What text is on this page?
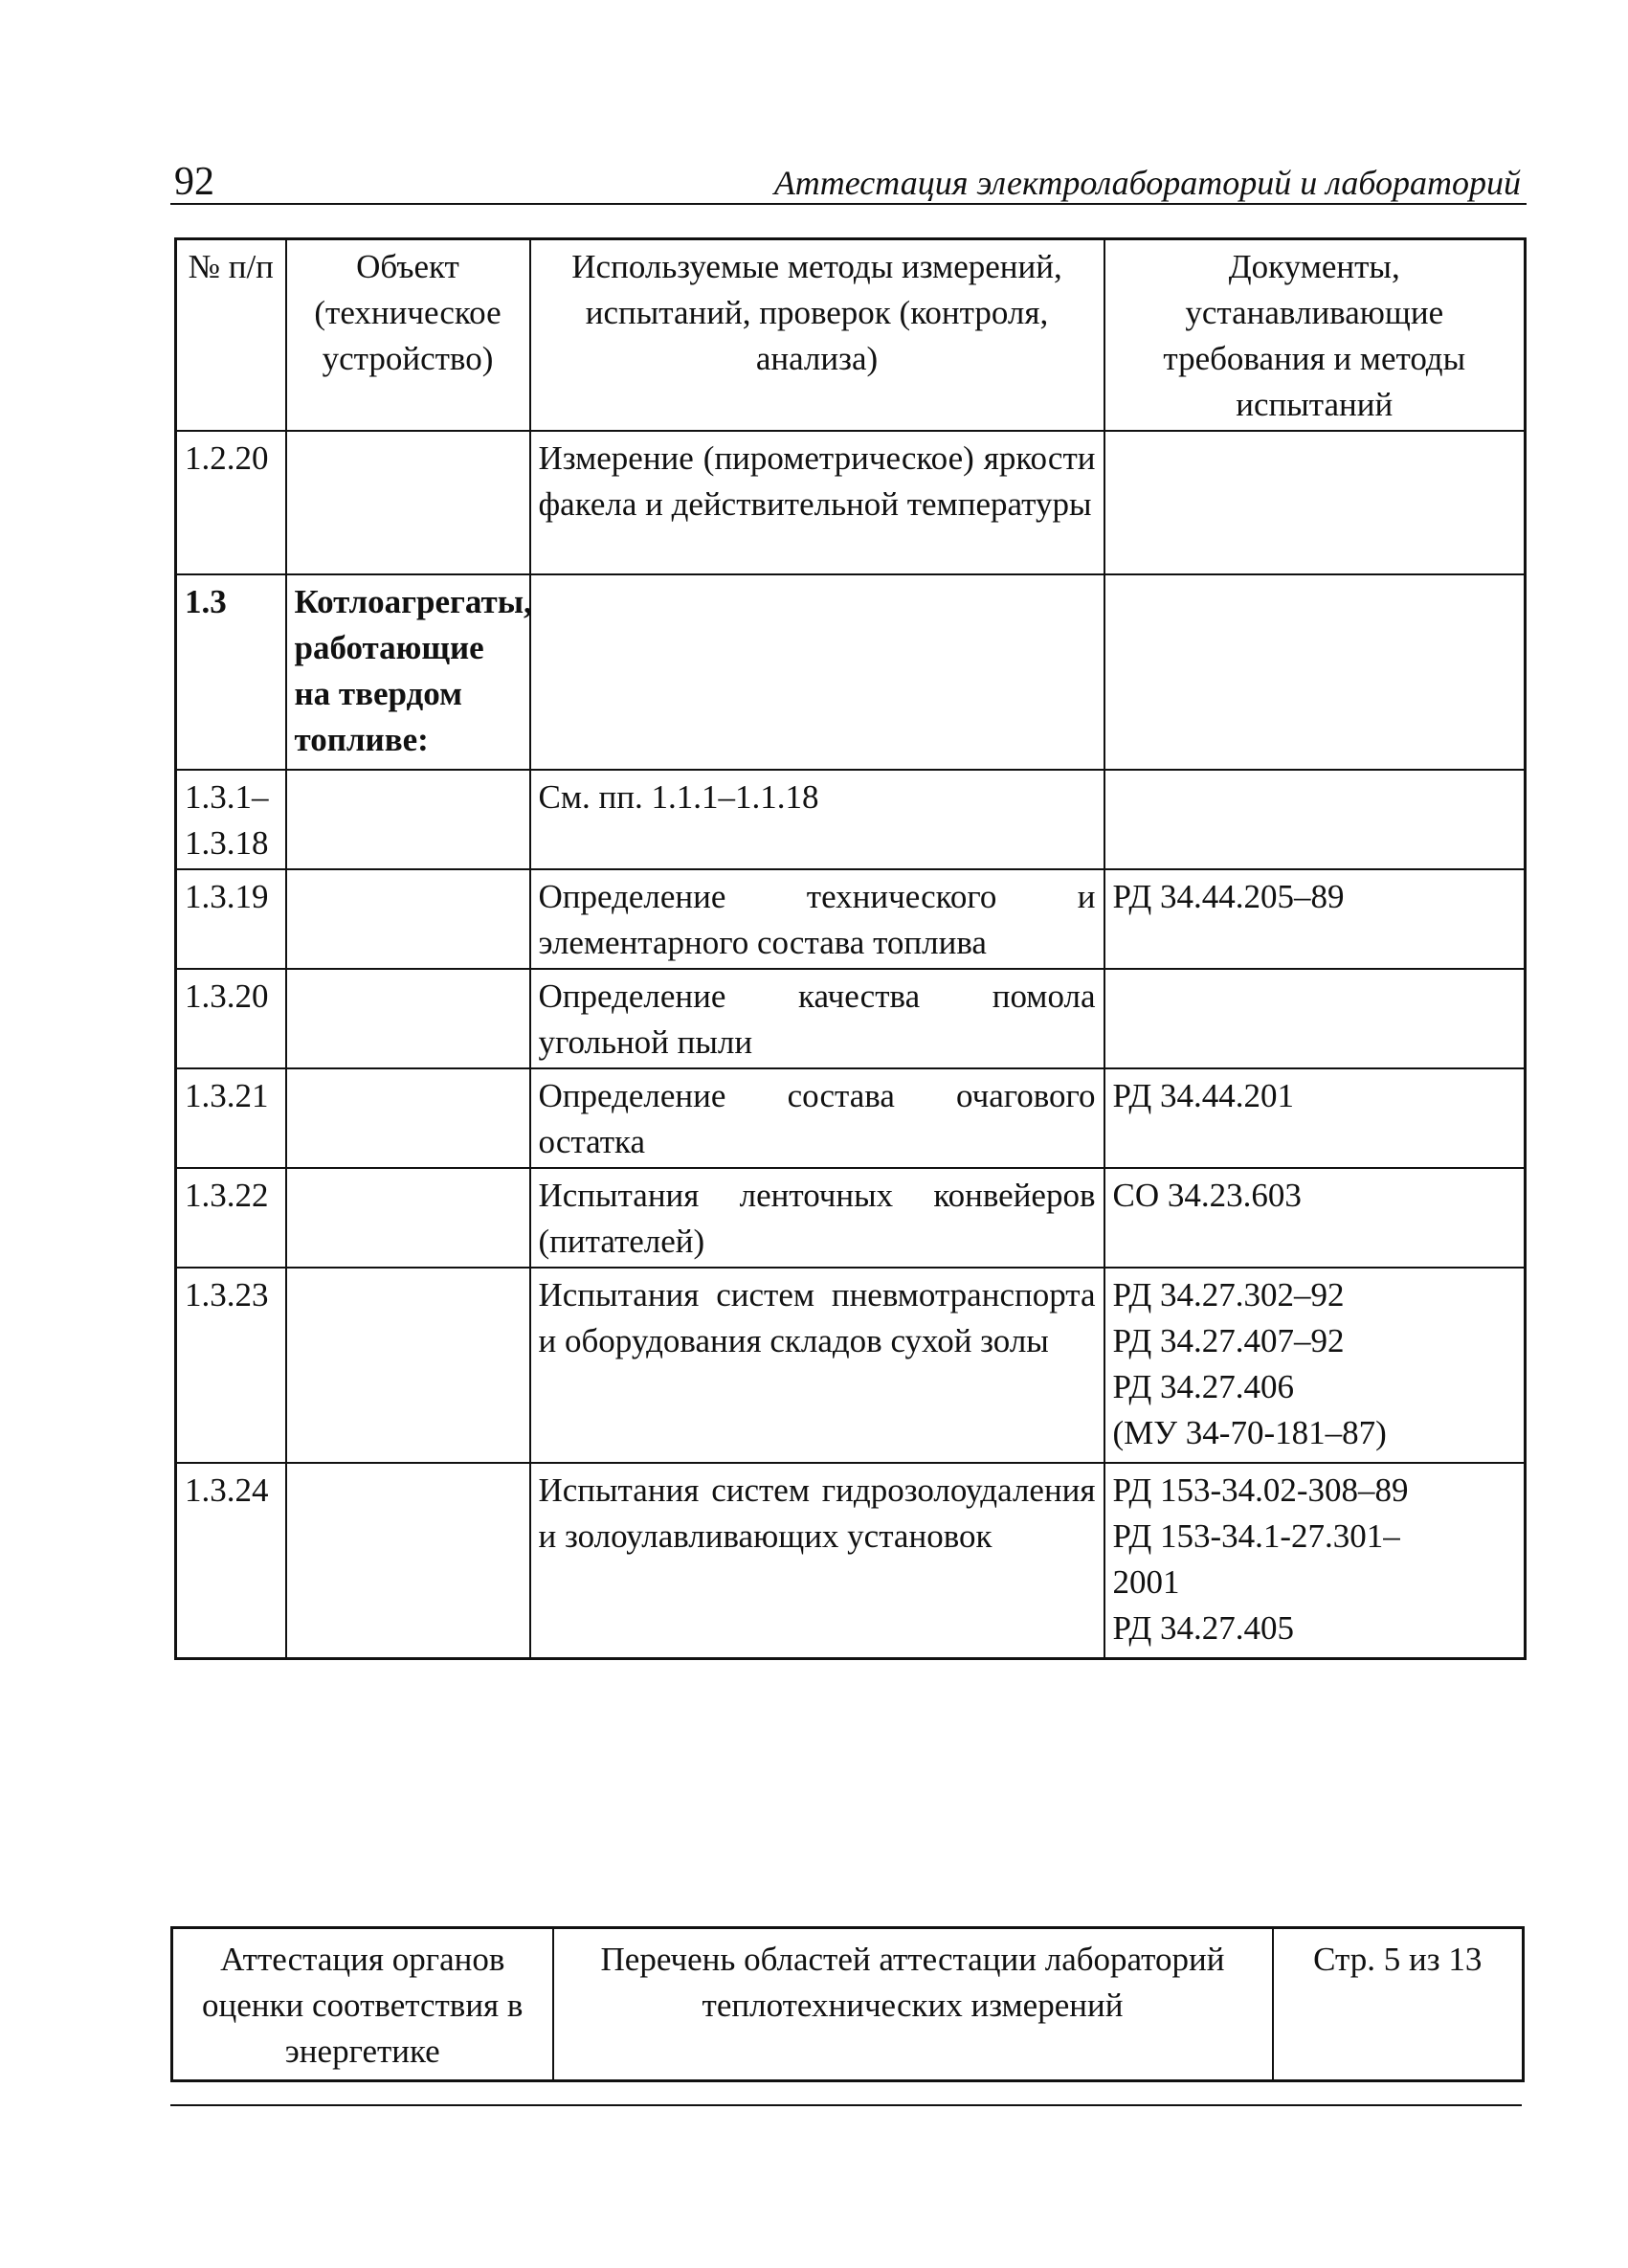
92	Аттестация электролабораторий и лабораторий
№ п/п	Объект (техническое устройство)	Используемые методы измерений, испытаний, проверок (контроля, анализа)	Документы, устанавливающие требования и методы испытаний
1.2.20		Измерение (пирометрическое) яркости факела и действительной температуры	
1.3	Котлоагрегаты, работающие на твердом топливе:		
1.3.1–1.3.18		См. пп. 1.1.1–1.1.18	
1.3.19		Определение технического и элементарного состава топлива	РД 34.44.205–89

1.3.20		Определение качества помола угольной пыли	
1.3.21		Определение состава очагового остатка	РД 34.44.201

1.3.22		Испытания ленточных конвейеров (питателей)	СО 34.23.603

1.3.23		Испытания систем пневмотранспорта и оборудования складов сухой золы	РД 34.27.302–92
РД 34.27.407–92
РД 34.27.406
(МУ 34-70-181–87)

1.3.24		Испытания систем гидрозолоудаления и золоулавливающих установок	РД 153-34.02-308–89
РД 153-34.1-27.301–
2001
РД 34.27.405
Аттестация органов оценки соответствия в энергетике	Перечень областей аттестации лабораторий теплотехнических измерений	Стр. 5 из 13
